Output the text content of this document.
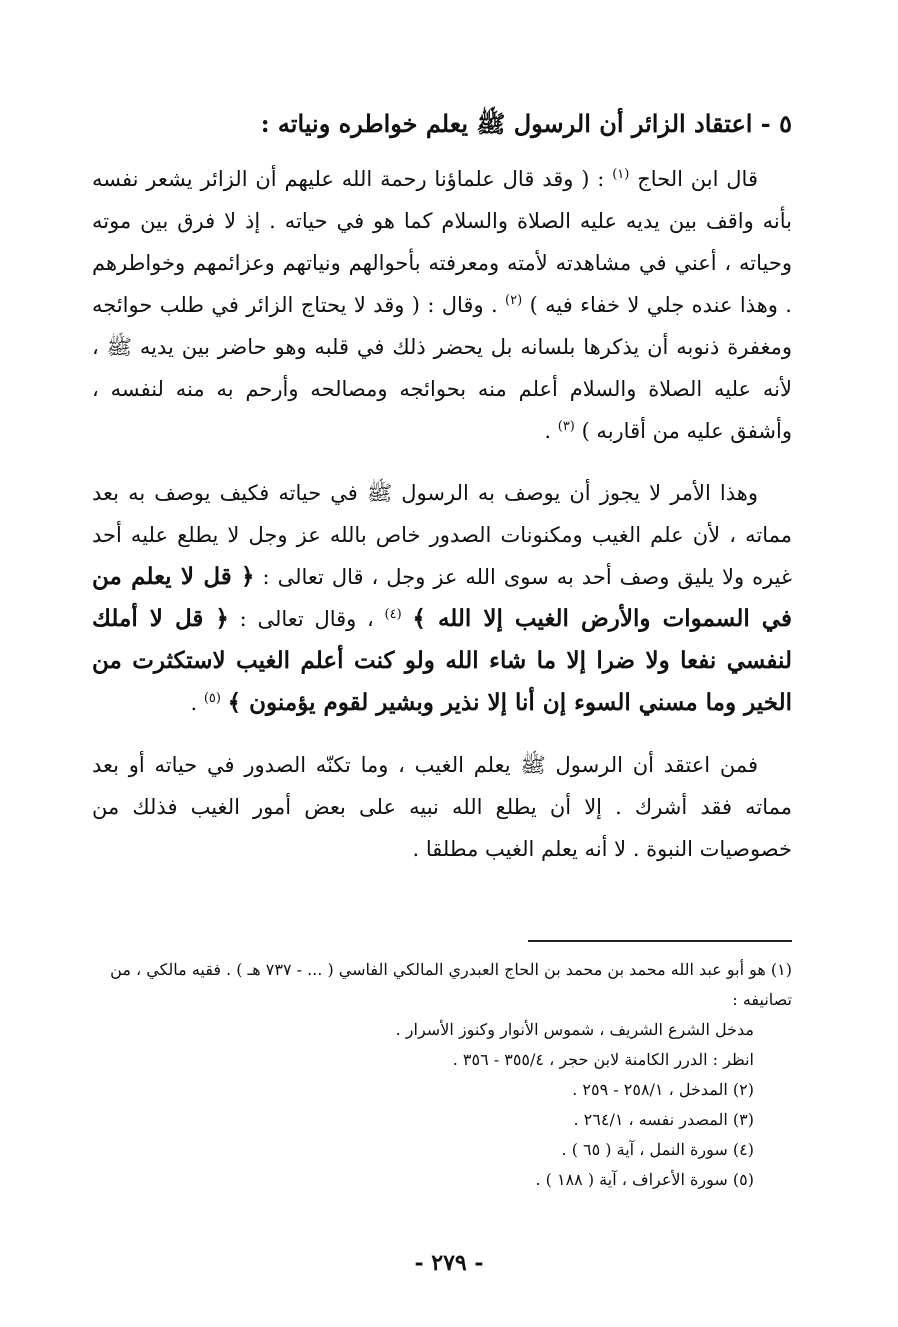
٥ - اعتقاد الزائر أن الرسول ﷺ يعلم خواطره ونياته :

قال ابن الحاج $^{(١)}$ : ( وقد قال علماؤنا رحمة الله عليهم أن الزائر يشعر نفسه بأنه واقف بين يديه عليه الصلاة والسلام كما هو في حياته . إذ لا فرق بين موته وحياته ، أعني في مشاهدته لأمته ومعرفته بأحوالهم ونياتهم وعزائمهم وخواطرهم . وهذا عنده جلي لا خفاء فيه ) $^{(٢)}$ . وقال : ( وقد لا يحتاج الزائر في طلب حوائجه ومغفرة ذنوبه أن يذكرها بلسانه بل يحضر ذلك في قلبه وهو حاضر بين يديه ﷺ ، لأنه عليه الصلاة والسلام أعلم منه بحوائجه ومصالحه وأرحم به منه لنفسه ، وأشفق عليه من أقاربه ) $^{(٣)}$ .

وهذا الأمر لا يجوز أن يوصف به الرسول ﷺ في حياته فكيف يوصف به بعد مماته ، لأن علم الغيب ومكنونات الصدور خاص بالله عز وجل لا يطلع عليه أحد غيره ولا يليق وصف أحد به سوى الله عز وجل ، قال تعالى : ﴿ قل لا يعلم من في السموات والأرض الغيب إلا الله ﴾ $^{(٤)}$ ، وقال تعالى : ﴿ قل لا أملك لنفسي نفعا ولا ضرا إلا ما شاء الله ولو كنت أعلم الغيب لاستكثرت من الخير وما مسني السوء إن أنا إلا نذير وبشير لقوم يؤمنون ﴾ $^{(٥)}$ .

فمن اعتقد أن الرسول ﷺ يعلم الغيب ، وما تكنّه الصدور في حياته أو بعد مماته فقد أشرك . إلا أن يطلع الله نبيه على بعض أمور الغيب فذلك من خصوصيات النبوة . لا أنه يعلم الغيب مطلقا .

(١) هو أبو عبد الله محمد بن محمد بن الحاج العبدري المالكي الفاسي ( ... - ٧٣٧ هـ ) . فقيه مالكي ، من تصانيفه :

مدخل الشرع الشريف ، شموس الأنوار وكنوز الأسرار .

انظر : الدرر الكامنة لابن حجر ، ٣٥٥/٤ - ٣٥٦ .

(٢) المدخل ، ٢٥٨/١ - ٢٥٩ .

(٣) المصدر نفسه ، ٢٦٤/١ .

(٤) سورة النمل ، آية ( ٦٥ ) .

(٥) سورة الأعراف ، آية ( ١٨٨ ) .

- ٢٧٩ -
